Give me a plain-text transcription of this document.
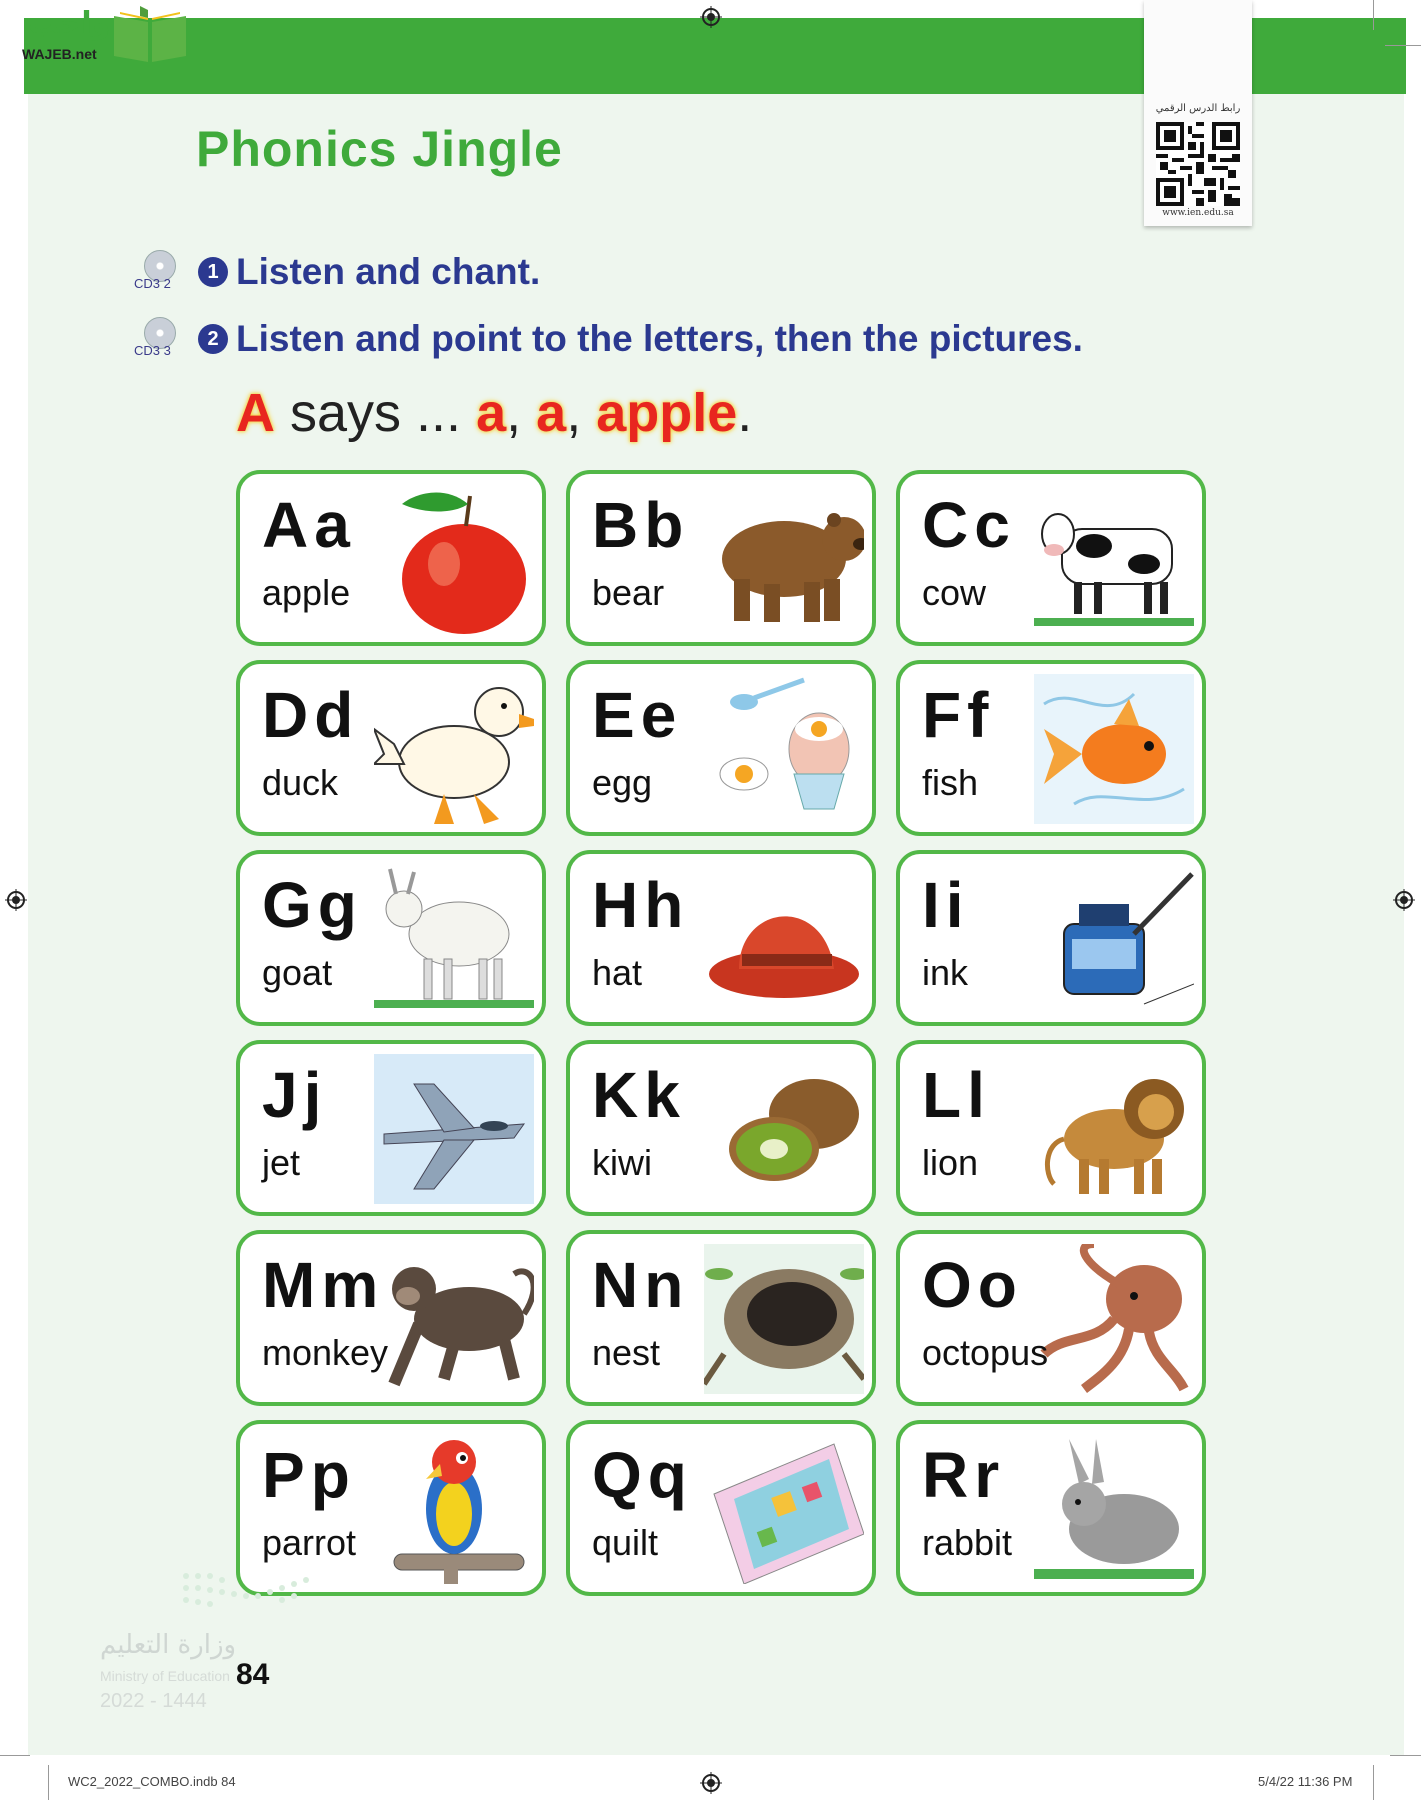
واجب
WAJEB.net
رابط الدرس الرقمي
www.ien.edu.sa
Phonics Jingle
CD3 2
1 Listen and chant.
CD3 3
2 Listen and point to the letters, then the pictures.
A says ... a, a, apple.
Aa
apple
Bb
bear
Cc
cow
Dd
duck
Ee
egg
Ff
fish
Gg
goat
Hh
hat
Ii
ink
Jj
jet
Kk
kiwi
Ll
lion
Mm
monkey
Nn
nest
Oo
octopus
Pp
parrot
Qq
quilt
Rr
rabbit
وزارة التعليم
Ministry of Education
2022 - 1444
84
WC2_2022_COMBO.indb 84	5/4/22 11:36 PM
